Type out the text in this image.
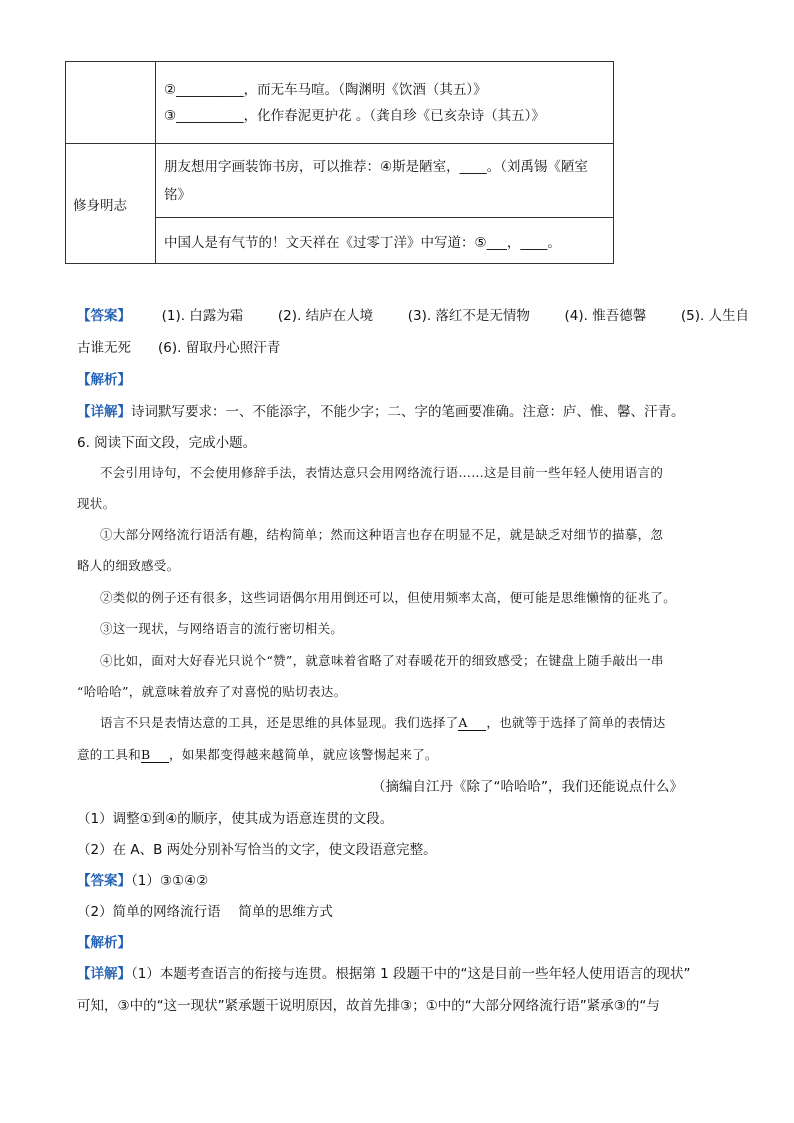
	②__________，而无车马喧。（陶渊明《饮酒（其五）》
③__________，化作春泥更护花 。（龚自珍《已亥杂诗（其五）》

修身明志	朋友想用字画装饰书房，可以推荐：④斯是陋室，____。（刘禹锡《陋室
铭》

	中国人是有气节的！文天祥在《过零丁洋》中写道：⑤___，____。
【答案】 (1). 白露为霜	(2). 结庐在人境	(3). 落红不是无情物	(4). 惟吾德馨	(5). 人生自
古谁无死　　(6). 留取丹心照汗青
【解析】
【详解】诗词默写要求：一、不能添字，不能少字；二、字的笔画要准确。注意：庐、惟、馨、汗青。
6. 阅读下面文段，完成小题。
不会引用诗句，不会使用修辞手法，表情达意只会用网络流行语……这是目前一些年轻人使用语言的
现状。
①大部分网络流行语活有趣，结构简单；然而这种语言也存在明显不足，就是缺乏对细节的描摹，忽
略人的细致感受。
②类似的例子还有很多，这些词语偶尔用用倒还可以，但使用频率太高，便可能是思维懒惰的征兆了。
③这一现状，与网络语言的流行密切相关。
④比如，面对大好春光只说个“赞”，就意味着省略了对春暖花开的细致感受；在键盘上随手敲出一串
“哈哈哈”，就意味着放弃了对喜悦的贴切表达。
语言不只是表情达意的工具，还是思维的具体显现。我们选择了A ，也就等于选择了简单的表情达
意的工具和B ，如果都变得越来越简单，就应该警惕起来了。
（摘编自江丹《除了“哈哈哈”，我们还能说点什么》
（1）调整①到④的顺序，使其成为语意连贯的文段。
（2）在 A、B 两处分别补写恰当的文字，使文段语意完整。
【答案】（1）③①④②
（2）简单的网络流行语　 简单的思维方式
【解析】
【详解】（1）本题考查语言的衔接与连贯。根据第 1 段题干中的“这是目前一些年轻人使用语言的现状”
可知，③中的“这一现状”紧承题干说明原因，故首先排③；①中的“大部分网络流行语”紧承③的“与
